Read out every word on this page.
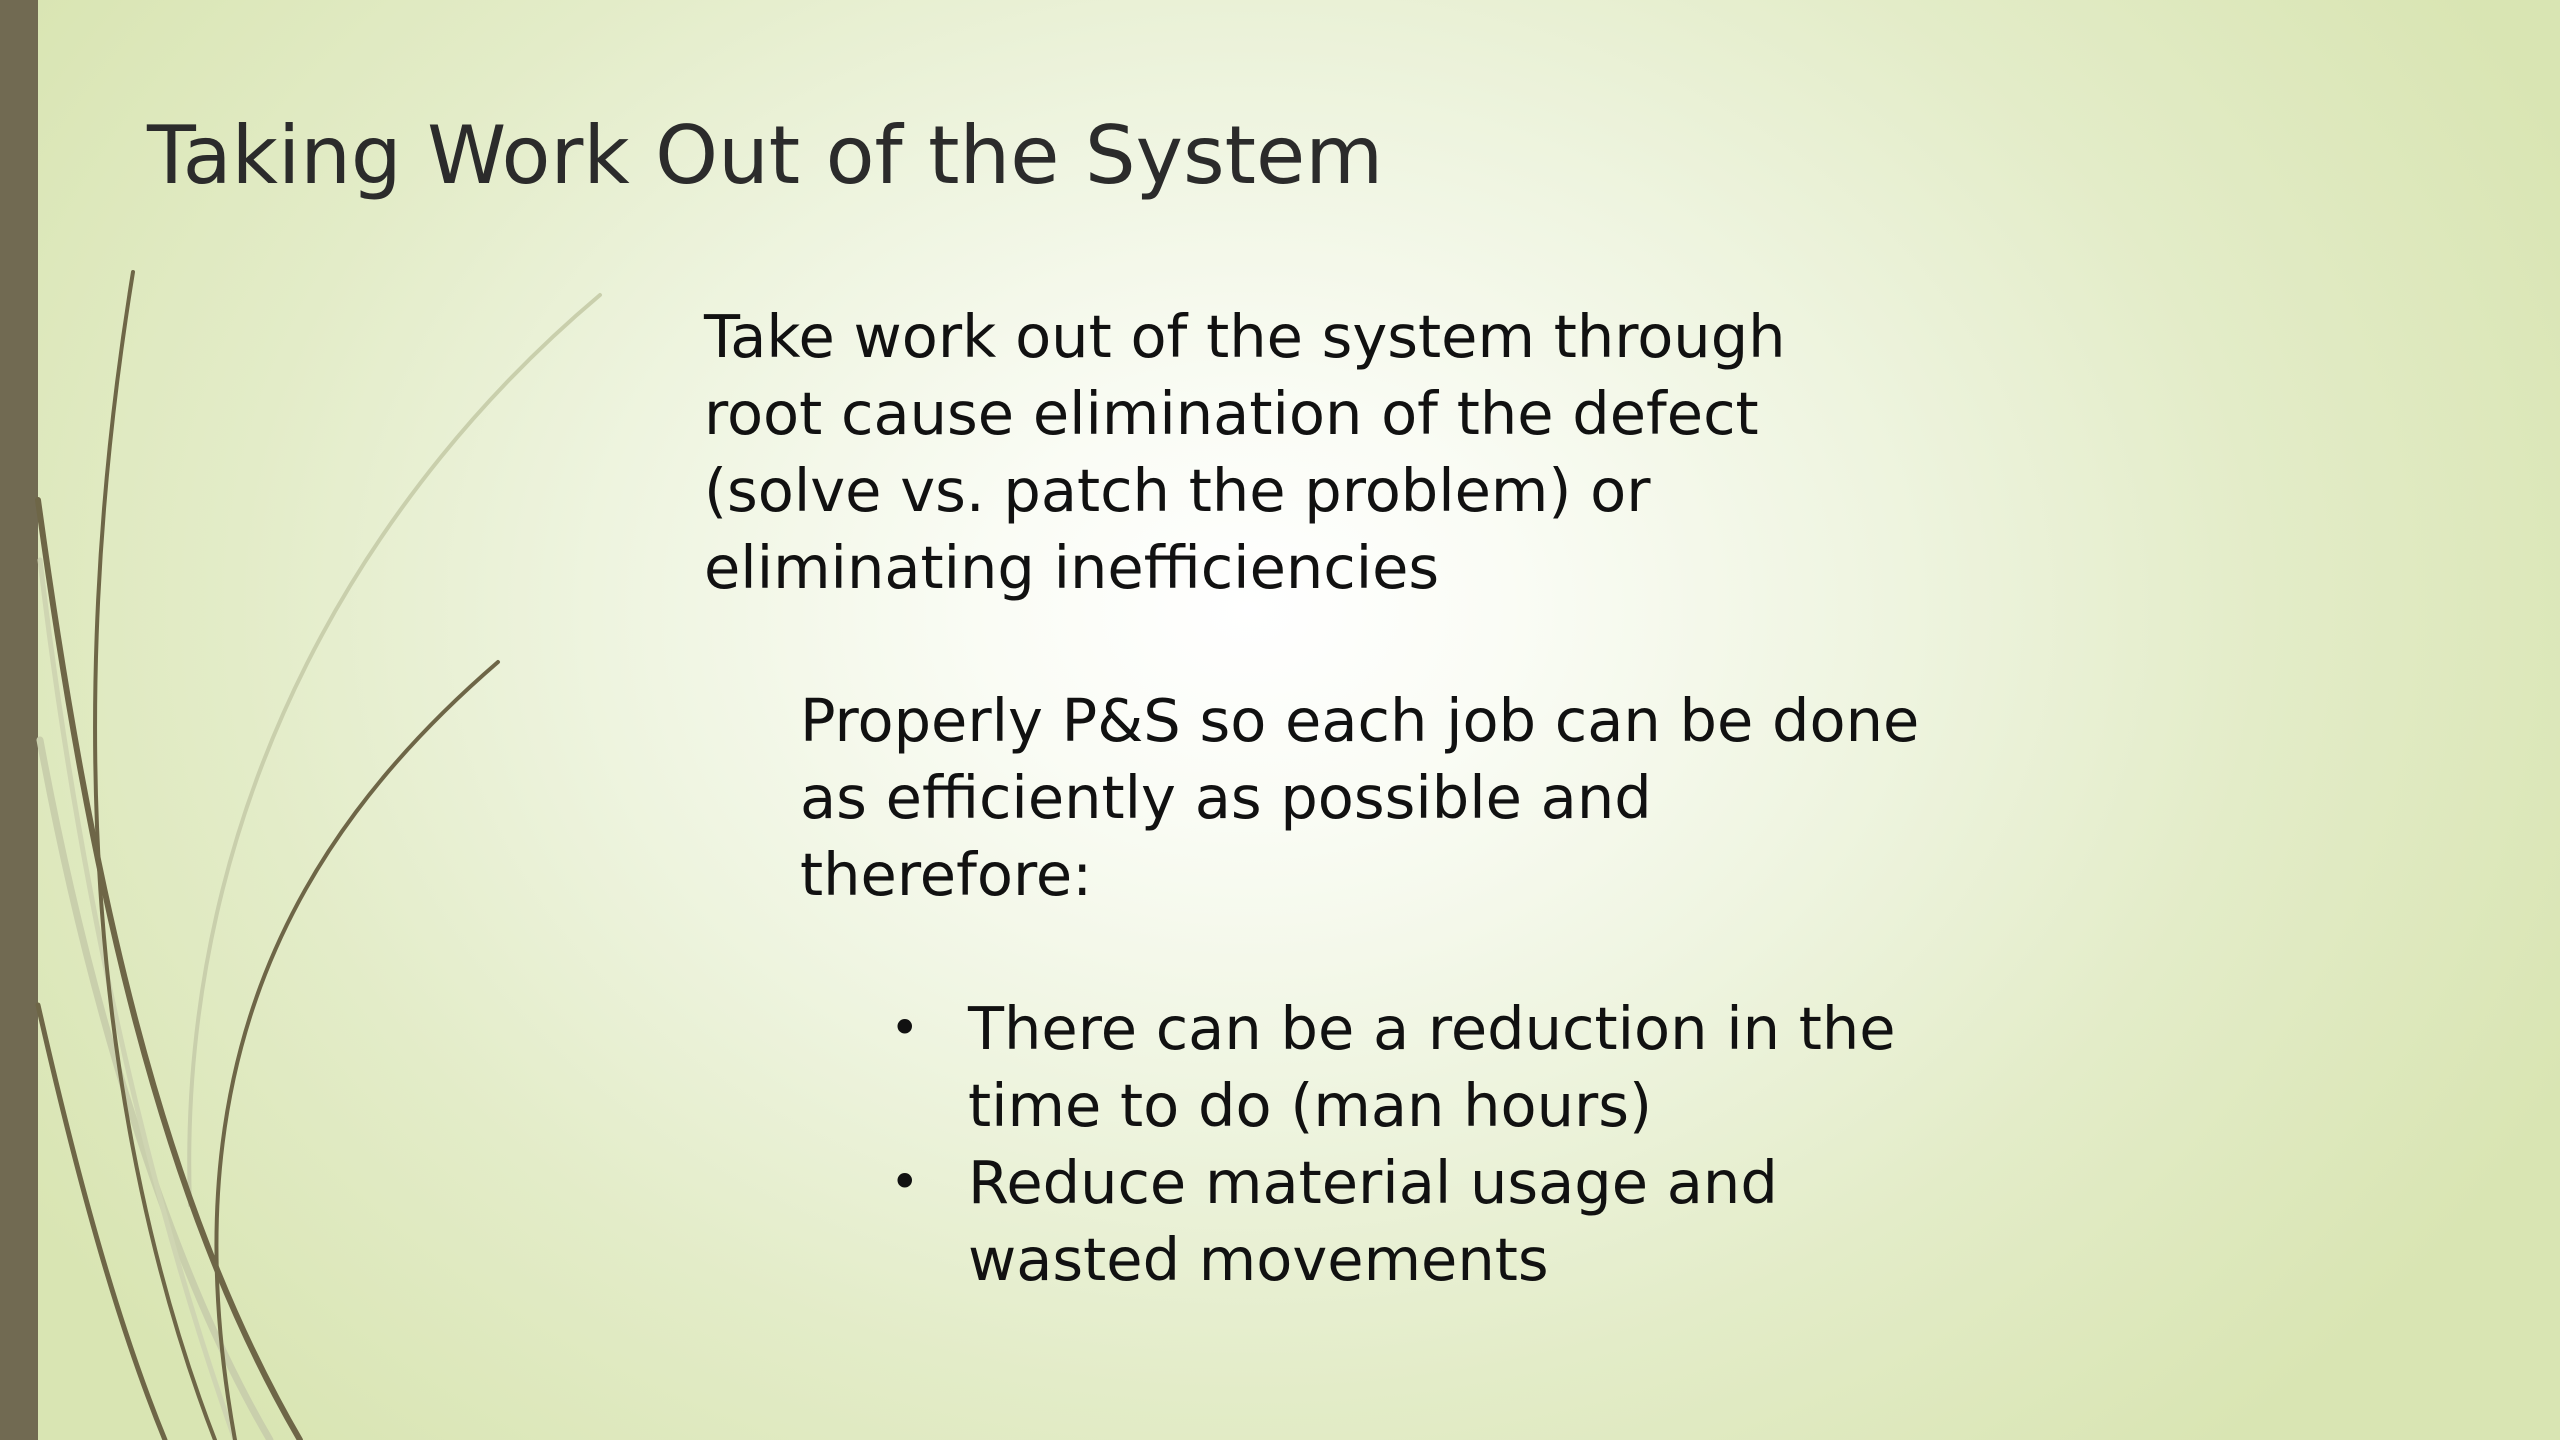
Taking Work Out of the System

Take work out of the system through root cause elimination of the defect (solve vs. patch the problem) or eliminating inefficiencies

Properly P&S so each job can be done as efficiently as possible and therefore:

• There can be a reduction in the time to do (man hours)
• Reduce material usage and wasted movements
